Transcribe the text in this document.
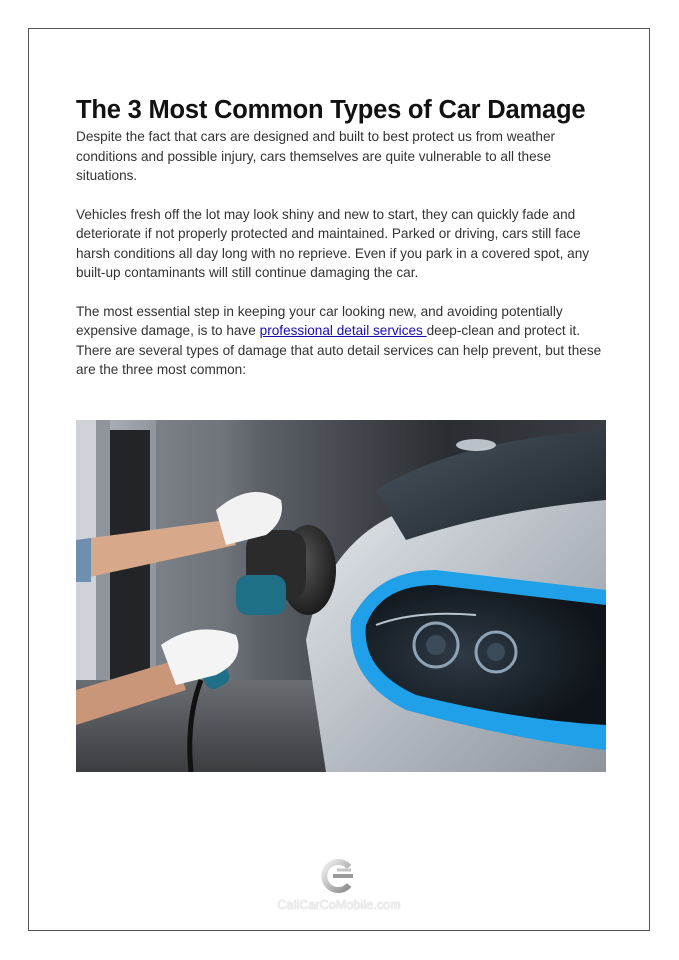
The 3 Most Common Types of Car Damage

Despite the fact that cars are designed and built to best protect us from weather conditions and possible injury, cars themselves are quite vulnerable to all these situations.

Vehicles fresh off the lot may look shiny and new to start, they can quickly fade and deteriorate if not properly protected and maintained. Parked or driving, cars still face harsh conditions all day long with no reprieve. Even if you park in a covered spot, any built-up contaminants will still continue damaging the car.

The most essential step in keeping your car looking new, and avoiding potentially expensive damage, is to have professional detail services deep-clean and protect it. There are several types of damage that auto detail services can help prevent, but these are the three most common:

CaliCarCoMobile.com
